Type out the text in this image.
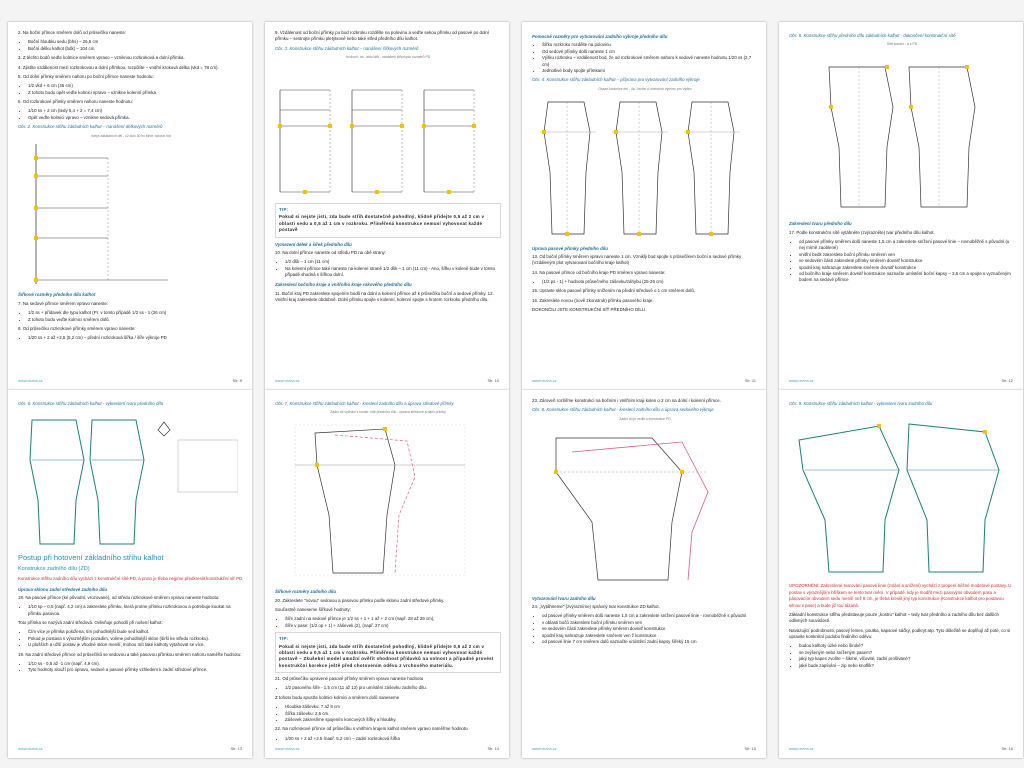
2. Na boční přímce směrem dolů od průsečíku naneste:

• Boční hloubku sedu (bhs) – 26,5 cm
• Boční délku kalhot (bdk) – 104 cm

3. Z těchto bodů veďte kolmice směrem vpravo – vzniknou rozkroková a dolní přímka.

4. Zjistíte vzdálenost mezi rozkrokovou a dolní přímkou, rozpůlíte – vnitřní kroková délka (vkd = 78 cm).

5. Od dolní přímky směrem nahoru po boční přímce naneste hodnotu:

• 1/2 vkd + 6 cm (45 cm)
• Z tohoto bodu opět veďte kolmici vpravo – vznikne kolenní přímka.

6. Od rozkrokové přímky směrem nahoru naneste hodnotu:

• 1/10 ss + 2 cm (tedy 5,4 + 2 = 7,4 cm)
• Opět veďte kolmici vpravo – vznikne sedová přímka.
Obr. 2. Konstrukce střihu základních kalhot – nanášení délkových rozměrů
nárys základních del - c2 sklo 30 hx ktmh: tahvun ind
Šířkové rozměry předního dílu kalhot

7. Na sedové přímce směrem vpravo naneste:

• 1/2 ss + přídavek dle typu kalhot (Pr. v tomto případě 1/2 ss - 1 (26 cm)
• Z tohoto bodu veďte kolmici směrem dolů.

8. Od průsečíku rozkrokové přímky směrem vpravo naneste:

• 1/20 ss + 2 až +2,5 (5,2 cm) – přední rozkroková šířka / šíře výkroje PD
www.rezna.cz	Str. 9

9. Vzdálenost od boční přímky po bod rozkroku rozdělte na polovinu a veďte sekou přímku od pasové po dolní přímku – sestrojte přímku pletýtsové nebo také střed předního dílu kalhot.

Obr. 3. Konstrukce střihu základních kalhot – nanášení šířkových rozměrů
fn dlouh: na - stricl dib - nanášení šířkových rozměrů PD
TIP:
Pokud si nejste jisti, zda bude střih dostatečně pohodlný, klidně přidejte 0,5 až 2 cm v oblasti sedu a 0,5 až 1 cm v rozkroku. Přiměřená konstrukce nemusí vyhovovat každé postavě
Vymezení délek a šířek předního dílu

10. Na dolní přímce naneste od středu PD na obě strany:

• 1/2 dšk – 1 cm (11 cm)
• Na kolenní přímce také naneste na kolenní straně 1/2 dšk – 1 cm (11 cm) - Ano, šířku v koleně bude v tomto případě shodná s šířkou dolní.
Zakreslení bočního kraje a vnitřního kraje rokového předního dílu

11. Boční kraj PD zakreslete spojením bodů na dolní a kolenní přímce až k průsečíku boční a sedové přímky. 12. Vnitřní kraj zakreslete obdobně. Dolní přímku spojte s kolenní, kolenní spojte s hrotem rozkroku předního dílu.

www.rezna.cz	Str. 10
Pomocné rozměry pro vytvarování zadního výkroje předního dílu
• Šířku rozkroku rozdělte na polovinu
• Od sedové přímky dolů naneste 1 cm
• Výšku rozkroku – vzdálenost bod, že od rozkrokové směrem nahoru k sedové naneste hodnotu 1/20 ss (2,7 cm)
• Jednotlivé body spojte přímkami
Obr. 4. Konstrukce střihu základních kalhot – příprava pro vytvarování zadního výkroje
Osazé koncnice del - 4a : buňte cl zvěnícím výmoru pro výdev
Úprava pasové přímky předního dílu

13. Od boční přímky směrem vpravo naneste 1 cm. Vzniklý bod spojte s průsečíkem boční a sedové přímky (Vzdáleným plot vytvarovaní bočního kraje kalhot)

14. Na pasové přímce od bočního kraje PD směrem vpravo naneste:

• (1/2 ps - 1) + hodnota průsečného záševku/záhybu (25-26 cm)

15. Upravte sklon pasové přímky snížením na přední středové o 1 cm směrem dolů.

16. Zakreslete novou (nově zkonstruk) přímku pasového kraje.

DOKONČILI JSTE KONSTRUKČNÍ SÍŤ PŘEDNÍHO DÍLU.

www.rezna.cz	Str. 11
Obr. 5. Konstrukce střihu předního dílu základních kalhot - dokončení konstrukční sítě
Sítě soudní - a s PD
Zakreslení tvaru předního dílu

17. Podle konstrukční sítě vytáhněte (zvýrazněte) tvar předního dílu kalhot.

• od pasové přímky směrem dolů naneste 1,5 cm a zakreslete snížení pasové linie – rovnoběžně s původní (u nej mírně zaoblené)
• vnitřní bedk zakreslete boční přímku směrem ven
• ve sedovém části zakreslete přímky směrem dovnitř konstrukce
• spodní kraj nahrazuje zakreslete směrem dovnitř konstrukce
• od bočního kraje směrem dovnitř konstrukce naznačte umístění boční kapsy – 3,5 cm a spojte s vyznačeným bodem na sedové přímce
www.rezna.cz	Str. 12
Obr. 6. Konstrukce střihu základních kalhot - vykreslení tvaru předního dílu
Postup při hotovení základního střihu kalhot
Konstrukce zadního dílu (ZD)

Konstrukce střihu zadního dílu vychází z konstrukční sítě PD, a proto je třeba nejprve předkreslit konstrukční síť PD.

Úprava sklonu zadní středové zadního dílu

18. Na pasové přímce (ké původní, vrozované), od středu rozkrokové směrem vpravo naneste hodnotu:

• 1/10 sp – 0,5 (např. 4,2 cm) a zakreslete přímku, která protne přímku rozkrokovou a potrebuje koukat na přímku pasovou.

Toto přímka se nazývá zadní středová. Ovlivňuje pohodlí při nošení kalhot:

• Čím více je přímka položena, tím pohodlnější bude sed kalhot.
• Pokud je postava s výraznějším pozadím, volíme pohodlnější sklon (širší ke středu rozkroku).
• U plošších a užší postav je vhodné sklon menší, mohou mít také kalhoty vytahovat se více.

19. Na zadní středové přímce od průsečíků se sedovou a také pasovou přímkou směrem nahoru naměřte hodnotu:

• 1/10 ss - 0,5 až -1 cm (např. 4,9 cm).
• Tyto hodnoty slouží pro úpravu, sedavé a pasové přímky vzhledem k zadní středové přímce.
www.rezna.cz	Str. 13
Obr. 7. Konstrukce střihu základních kalhot - kreslení zadního dílu a úprava středové přímky
Zadní díl vycházi z konstr. sítě předního dílu - úprava středové a další přímky
Šířkové rozměry zadního dílu

20. Zakreslete "novou" sedovou a pasovou přímku podle sklonu zadní středové přímky.

Součastně naneseme šířkové hodnoty:

• Šíře zadní na sedové přímce je 1/2 ss + 1 + 1 až + 2 cm (např. 28 až 29 cm),
• Šíře v pase: (1/2 op + 1) + záševek (2), (např. 27 cm)
TIP:
Pokud si nejste jisti, zda bude střih dostatečně pohodlný, klidně přidejte 0,5 až 2 cm v oblasti sedu a 0,5 až 1 cm v rozkroku. Přiměřená konstrukce nemusí vyhovovat každé postavě – Zkušební model umožní ověřit shodnost přídavků na volnost a případné provést konstrukční korekce ještě před chotovením oděvu z vrchového materiálu.

21. Od průsečíku upravené pasové přímky směrem vpravo naneste hodnotu

• 1/2 pasového šíře - 1,5 cm (11 až 12) pro umístění záševku zadního dílu.

Z tohoto bodu spusťte kolmici kolmici a směrem dolů naneseme

• Hloubka záševku: 7 až 8 cm
• Šířka záševku: 2,5 cm.
• Záševek zakreslíme spojením koncových šířky a hloubky.

22. Na rozkrokové přímce od průsečíku s vnitřním krajem kalhot směrem vpravo naměřme hodnotu

• 1/20 ss + 2 až +2,5 (např. 5,2 cm) – zadní rozkroková šířka
www.rezna.cz	Str. 14

23. Zároveň rozšiřme konstrukci na bočním i vnitřním kraji kolen o 2 cm na dolní i kolenní přímce.

Obr. 8. Konstrukce střihu základních kalhot - kreslení zadního dílu a úprava sedového výkroje
Zadní díl je vedle s konstrukce PD
Vytvarování tvaru zadního dílu

24. „Vytáhneme" (zvýrazníme) správný tvar konstrukce ZD kalhot.

• od pasové přímky směrem dolů naneste 1,5 cm a zakreslete snížení pasové linie - rovnoběžně s původní
• v oblasti bočů zakreslete boční přímku směrem ven
• ve sedovém části zakreslete přímky směrem dovnitř konstrukce
• spodní kraj nahrazuje zakreslete směrem ven ž konstrukce
• od pasové linie 7 cm směrem dolů naznačte umístění zadní kapsy šířeký 15 cm
www.rezna.cz	Str. 15
Obr. 9. Konstrukce střihu základních kalhot - vykreslení tvaru zadního dílu

UPOZORNĚNÍ: Zakreslené tvarování pasové linie (zvlání a snížení) vychází z propení běžné modelové postavy. U postav s výraznějším bříškem se tento tvar mění. V případě, kdy je modřit mezi pasovými obvodem pasu a pásovacím obvodem sedu menší než 8 cm, je třeba kreslit jiný typ konstrukce (Konstrukce kalhot pro postavou silnou v pase) a bude již tou tázaná.

Základní konstrukce střihu představuje pouze „kostru" kalhot – tedy tvar předního a zadního dílu bez dalších odlivných souvislostí.

Navazující podrobnosti, pasový lemex, poutka, kapsové sáčky, podkryt atp. Tyto důležitě se doplňují až poté, co si upravíte konkrétní podobu finálního oděvu:

• budou kalhoty úzké nebo široké?
• se zvýšeným nebo sníženým pasem?
• jaký typ kapes zvolíte – šikmé, vlčovité, zadní prošívané?
• jaké bude zapínání – zip nebo knoflík?
www.rezna.cz	Str. 16
